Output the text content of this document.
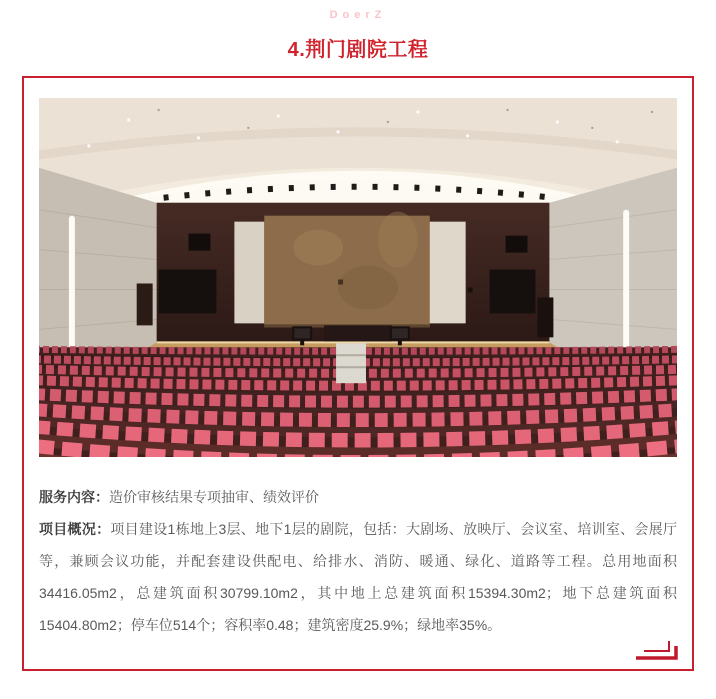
DoerZ
4.荆门剧院工程

服务内容：造价审核结果专项抽审、绩效评价

项目概况：项目建设1栋地上3层、地下1层的剧院，包括：大剧场、放映厅、会议室、培训室、会展厅等，兼顾会议功能，并配套建设供配电、给排水、消防、暖通、绿化、道路等工程。总用地面积34416.05m2，总建筑面积30799.10m2，其中地上总建筑面积15394.30m2；地下总建筑面积15404.80m2；停车位514个；容积率0.48；建筑密度25.9%；绿地率35%。
